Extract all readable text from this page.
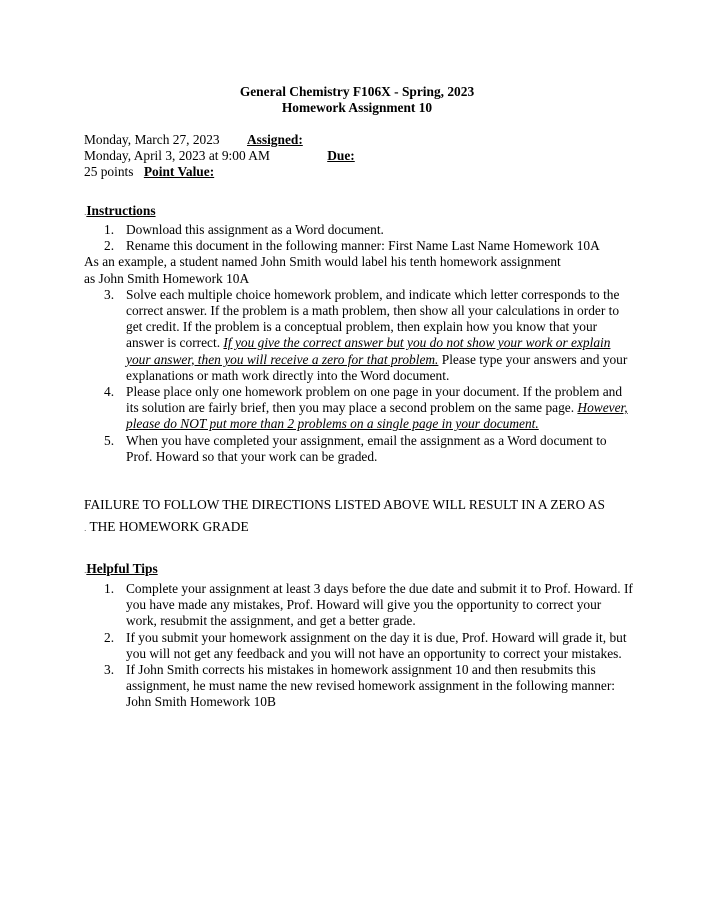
General Chemistry F106X - Spring, 2023
Homework Assignment 10
Monday, March 27, 2023 Assigned:
Monday, April 3, 2023 at 9:00 AM	Due:
25 points Point Value:
·Instructions
1. Download this assignment as a Word document.
2. Rename this document in the following manner: First Name Last Name Homework 10A
As an example, a student named John Smith would label his tenth homework assignment
as John Smith Homework 10A
3. Solve each multiple choice homework problem, and indicate which letter corresponds to the correct answer. If the problem is a math problem, then show all your calculations in order to get credit. If the problem is a conceptual problem, then explain how you know that your answer is correct. If you give the correct answer but you do not show your work or explain your answer, then you will receive a zero for that problem. Please type your answers and your explanations or math work directly into the Word document.
4. Please place only one homework problem on one page in your document. If the problem and its solution are fairly brief, then you may place a second problem on the same page. However, please do NOT put more than 2 problems on a single page in your document.
5. When you have completed your assignment, email the assignment as a Word document to Prof. Howard so that your work can be graded.
FAILURE TO FOLLOW THE DIRECTIONS LISTED ABOVE WILL RESULT IN A ZERO AS
· THE HOMEWORK GRADE
·Helpful Tips
1. Complete your assignment at least 3 days before the due date and submit it to Prof. Howard. If you have made any mistakes, Prof. Howard will give you the opportunity to correct your work, resubmit the assignment, and get a better grade.
2. If you submit your homework assignment on the day it is due, Prof. Howard will grade it, but you will not get any feedback and you will not have an opportunity to correct your mistakes.
3. If John Smith corrects his mistakes in homework assignment 10 and then resubmits this assignment, he must name the new revised homework assignment in the following manner: John Smith Homework 10B
